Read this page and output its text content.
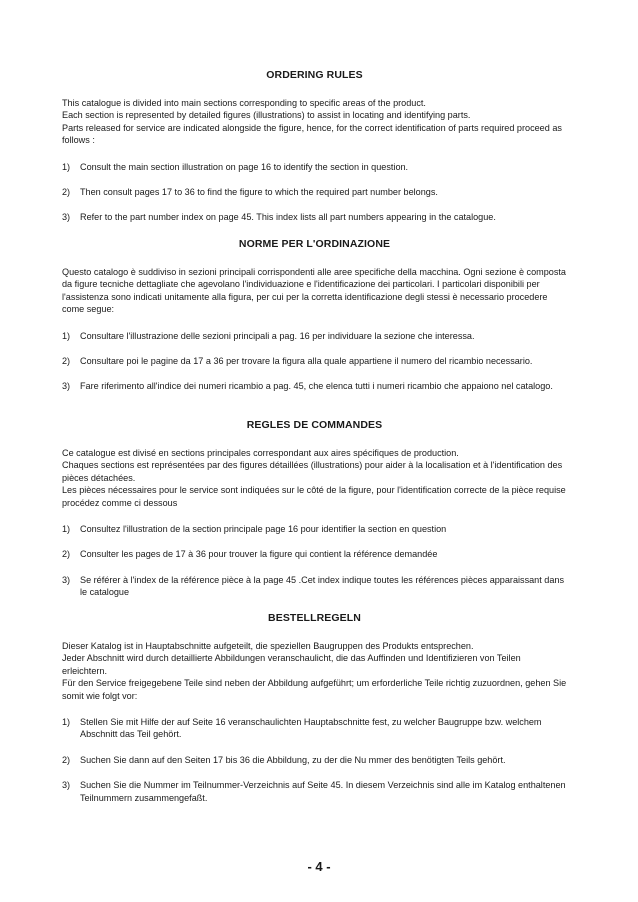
ORDERING RULES

This catalogue is divided into main sections corresponding to specific areas of the product.

Each section is represented by detailed figures (illustrations) to assist in locating and identifying parts.

Parts released for service are indicated alongside the figure, hence, for the correct identification of parts required proceed as follows :

1) Consult the main section illustration on page 16 to identify the section in question.
2) Then consult pages 17 to 36 to find the figure to which the required part number belongs.
3) Refer to the part number index on page 45. This index lists all part numbers appearing in the catalogue.
NORME PER L'ORDINAZIONE

Questo catalogo è suddiviso in sezioni principali corrispondenti alle aree specifiche della macchina. Ogni sezione è composta da figure tecniche dettagliate che agevolano l'individuazione e l'identificazione dei particolari. I particolari disponibili per l'assistenza sono indicati unitamente alla figura, per cui per la corretta identificazione degli stessi è necessario procedere come segue:

1) Consultare l'illustrazione delle sezioni principali a pag. 16 per individuare la sezione che interessa.
2) Consultare poi le pagine da 17 a 36 per trovare la figura alla quale appartiene il numero del ricambio necessario.
3) Fare riferimento all'indice dei numeri ricambio a pag. 45, che elenca tutti i numeri ricambio che appaiono nel catalogo.
REGLES DE COMMANDES

Ce catalogue est divisé en sections principales correspondant aux aires spécifiques de production.

Chaques sections est représentées par des figures détaillées (illustrations) pour aider à la localisation et à l'identification des pièces détachées.

Les pièces nécessaires pour le service sont indiquées sur le côté de la figure, pour l'identification correcte de la pièce requise procédez comme ci dessous

1) Consultez l'illustration de la section principale page 16 pour identifier la section en question
2) Consulter les pages de 17 à 36 pour trouver la figure qui contient la référence demandée
3) Se référer à l'index de la référence pièce à la page 45 .Cet index indique toutes les références pièces apparaissant dans le catalogue
BESTELLREGELN

Dieser Katalog ist in Hauptabschnitte aufgeteilt, die speziellen Baugruppen des Produkts entsprechen.

Jeder Abschnitt wird durch detaillierte Abbildungen veranschaulicht, die das Auffinden und Identifizieren von Teilen erleichtern.

Für den Service freigegebene Teile sind neben der Abbildung aufgeführt; um erforderliche Teile richtig zuzuordnen, gehen Sie somit wie folgt vor:

1) Stellen Sie mit Hilfe der auf Seite 16 veranschaulichten Hauptabschnitte fest, zu welcher Baugruppe bzw. welchem Abschnitt das Teil gehört.
2) Suchen Sie dann auf den Seiten 17 bis 36 die Abbildung, zu der die Nu mmer des benötigten Teils gehört.
3) Suchen Sie die Nummer im Teilnummer-Verzeichnis auf Seite 45. In diesem Verzeichnis sind alle im Katalog enthaltenen Teilnummern zusammengefaßt.
- 4 -
